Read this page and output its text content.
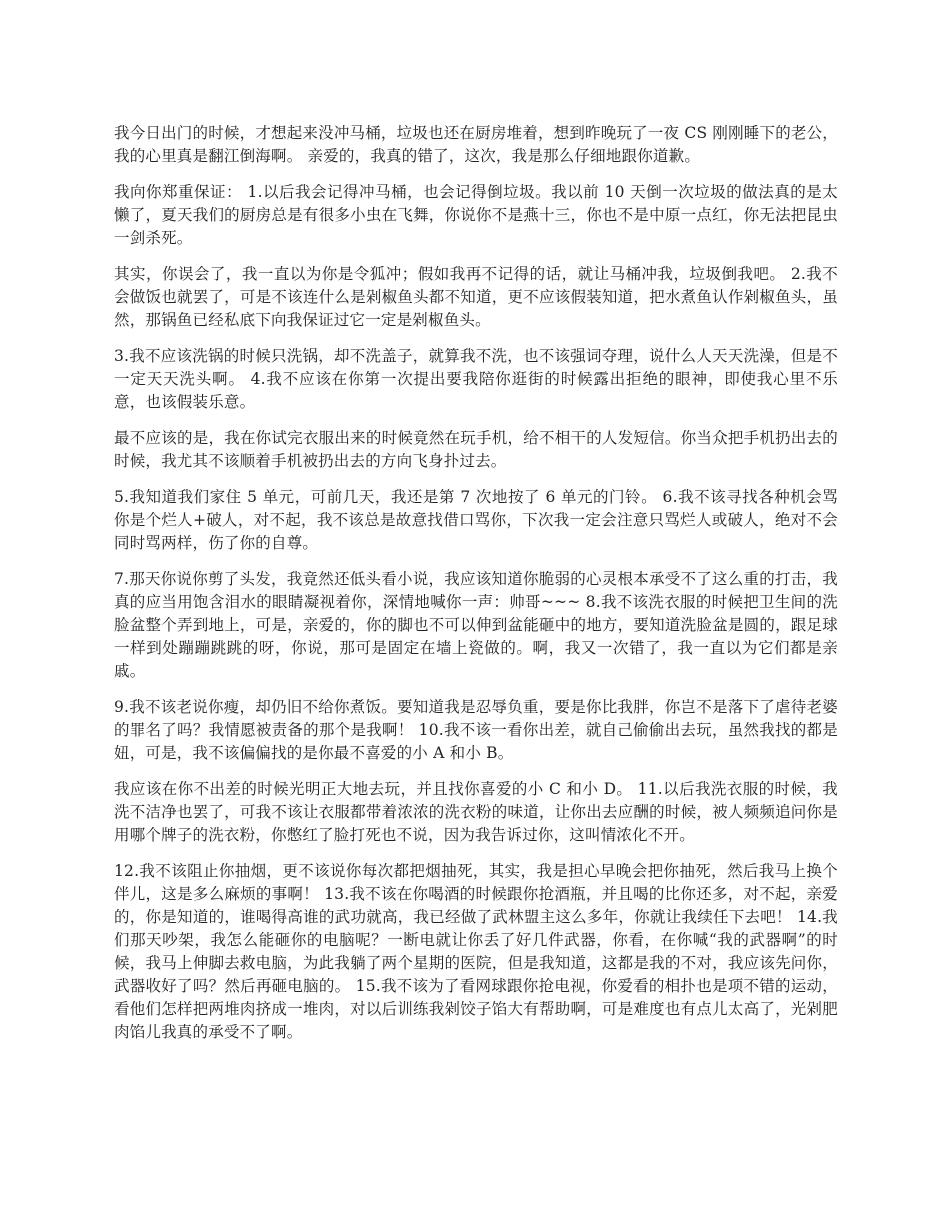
我今日出门的时候，才想起来没冲马桶，垃圾也还在厨房堆着，想到昨晚玩了一夜 CS 刚刚睡下的老公，我的心里真是翻江倒海啊。 亲爱的，我真的错了，这次，我是那么仔细地跟你道歉。

我向你郑重保证： 1.以后我会记得冲马桶，也会记得倒垃圾。我以前 10 天倒一次垃圾的做法真的是太懒了，夏天我们的厨房总是有很多小虫在飞舞，你说你不是燕十三，你也不是中原一点红，你无法把昆虫一剑杀死。

其实，你误会了，我一直以为你是令狐冲；假如我再不记得的话，就让马桶冲我，垃圾倒我吧。 2.我不会做饭也就罢了，可是不该连什么是剁椒鱼头都不知道，更不应该假装知道，把水煮鱼认作剁椒鱼头，虽然，那锅鱼已经私底下向我保证过它一定是剁椒鱼头。

3.我不应该洗锅的时候只洗锅，却不洗盖子，就算我不洗，也不该强词夺理，说什么人天天洗澡，但是不一定天天洗头啊。 4.我不应该在你第一次提出要我陪你逛街的时候露出拒绝的眼神，即使我心里不乐意，也该假装乐意。

最不应该的是，我在你试完衣服出来的时候竟然在玩手机，给不相干的人发短信。你当众把手机扔出去的时候，我尤其不该顺着手机被扔出去的方向飞身扑过去。

5.我知道我们家住 5 单元，可前几天，我还是第 7 次地按了 6 单元的门铃。 6.我不该寻找各种机会骂你是个烂人+破人，对不起，我不该总是故意找借口骂你，下次我一定会注意只骂烂人或破人，绝对不会同时骂两样，伤了你的自尊。

7.那天你说你剪了头发，我竟然还低头看小说，我应该知道你脆弱的心灵根本承受不了这么重的打击，我真的应当用饱含泪水的眼睛凝视着你，深情地喊你一声：帅哥~~~ 8.我不该洗衣服的时候把卫生间的洗脸盆整个弄到地上，可是，亲爱的，你的脚也不可以伸到盆能砸中的地方，要知道洗脸盆是圆的，跟足球一样到处蹦蹦跳跳的呀，你说，那可是固定在墙上瓷做的。啊，我又一次错了，我一直以为它们都是亲戚。

9.我不该老说你瘦，却仍旧不给你煮饭。要知道我是忍辱负重，要是你比我胖，你岂不是落下了虐待老婆的罪名了吗？我情愿被责备的那个是我啊！ 10.我不该一看你出差，就自己偷偷出去玩，虽然我找的都是妞，可是，我不该偏偏找的是你最不喜爱的小 A 和小 B。

我应该在你不出差的时候光明正大地去玩，并且找你喜爱的小 C 和小 D。 11.以后我洗衣服的时候，我洗不洁净也罢了，可我不该让衣服都带着浓浓的洗衣粉的味道，让你出去应酬的时候，被人频频追问你是用哪个牌子的洗衣粉，你憋红了脸打死也不说，因为我告诉过你，这叫情浓化不开。

12.我不该阻止你抽烟，更不该说你每次都把烟抽死，其实，我是担心早晚会把你抽死，然后我马上换个伴儿，这是多么麻烦的事啊！ 13.我不该在你喝酒的时候跟你抢酒瓶，并且喝的比你还多，对不起，亲爱的，你是知道的，谁喝得高谁的武功就高，我已经做了武林盟主这么多年，你就让我续任下去吧！ 14.我们那天吵架，我怎么能砸你的电脑呢？一断电就让你丢了好几件武器，你看，在你喊“我的武器啊”的时候，我马上伸脚去救电脑，为此我躺了两个星期的医院，但是我知道，这都是我的不对，我应该先问你，武器收好了吗？然后再砸电脑的。 15.我不该为了看网球跟你抢电视，你爱看的相扑也是项不错的运动，看他们怎样把两堆肉挤成一堆肉，对以后训练我剁饺子馅大有帮助啊，可是难度也有点儿太高了，光剁肥肉馅儿我真的承受不了啊。
